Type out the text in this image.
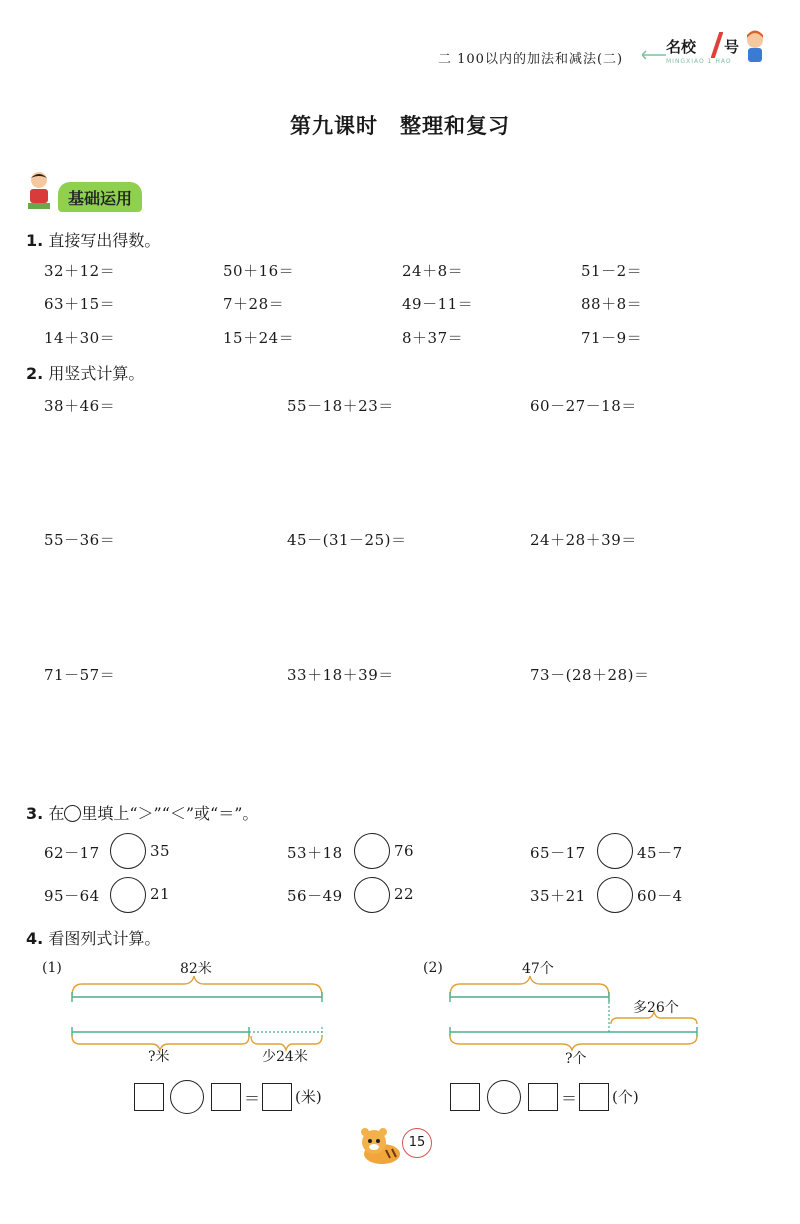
二 100以内的加法和减法(二)
名校 号
MINGXIAO 1 HAO
第九课时　整理和复习
基础运用
1. 直接写出得数。
32＋12＝	50＋16＝	24＋8＝	51－2＝
63＋15＝	7＋28＝	49－11＝	88＋8＝
14＋30＝	15＋24＝	8＋37＝	71－9＝
2. 用竖式计算。
38＋46＝	55－18＋23＝	60－27－18＝
55－36＝	45－(31－25)＝	24＋28＋39＝
71－57＝	33＋18＋39＝	73－(28＋28)＝
3. 在 里填上“＞”“＜”或“＝”。
62－17	35	53＋18	76	65－17	45－7
95－64	21	56－49	22	35＋21	60－4
4. 看图列式计算。
(1)	82米
?米	少24米
＝ (米)
(2)	47个
多26个
?个
＝ (个)
15
